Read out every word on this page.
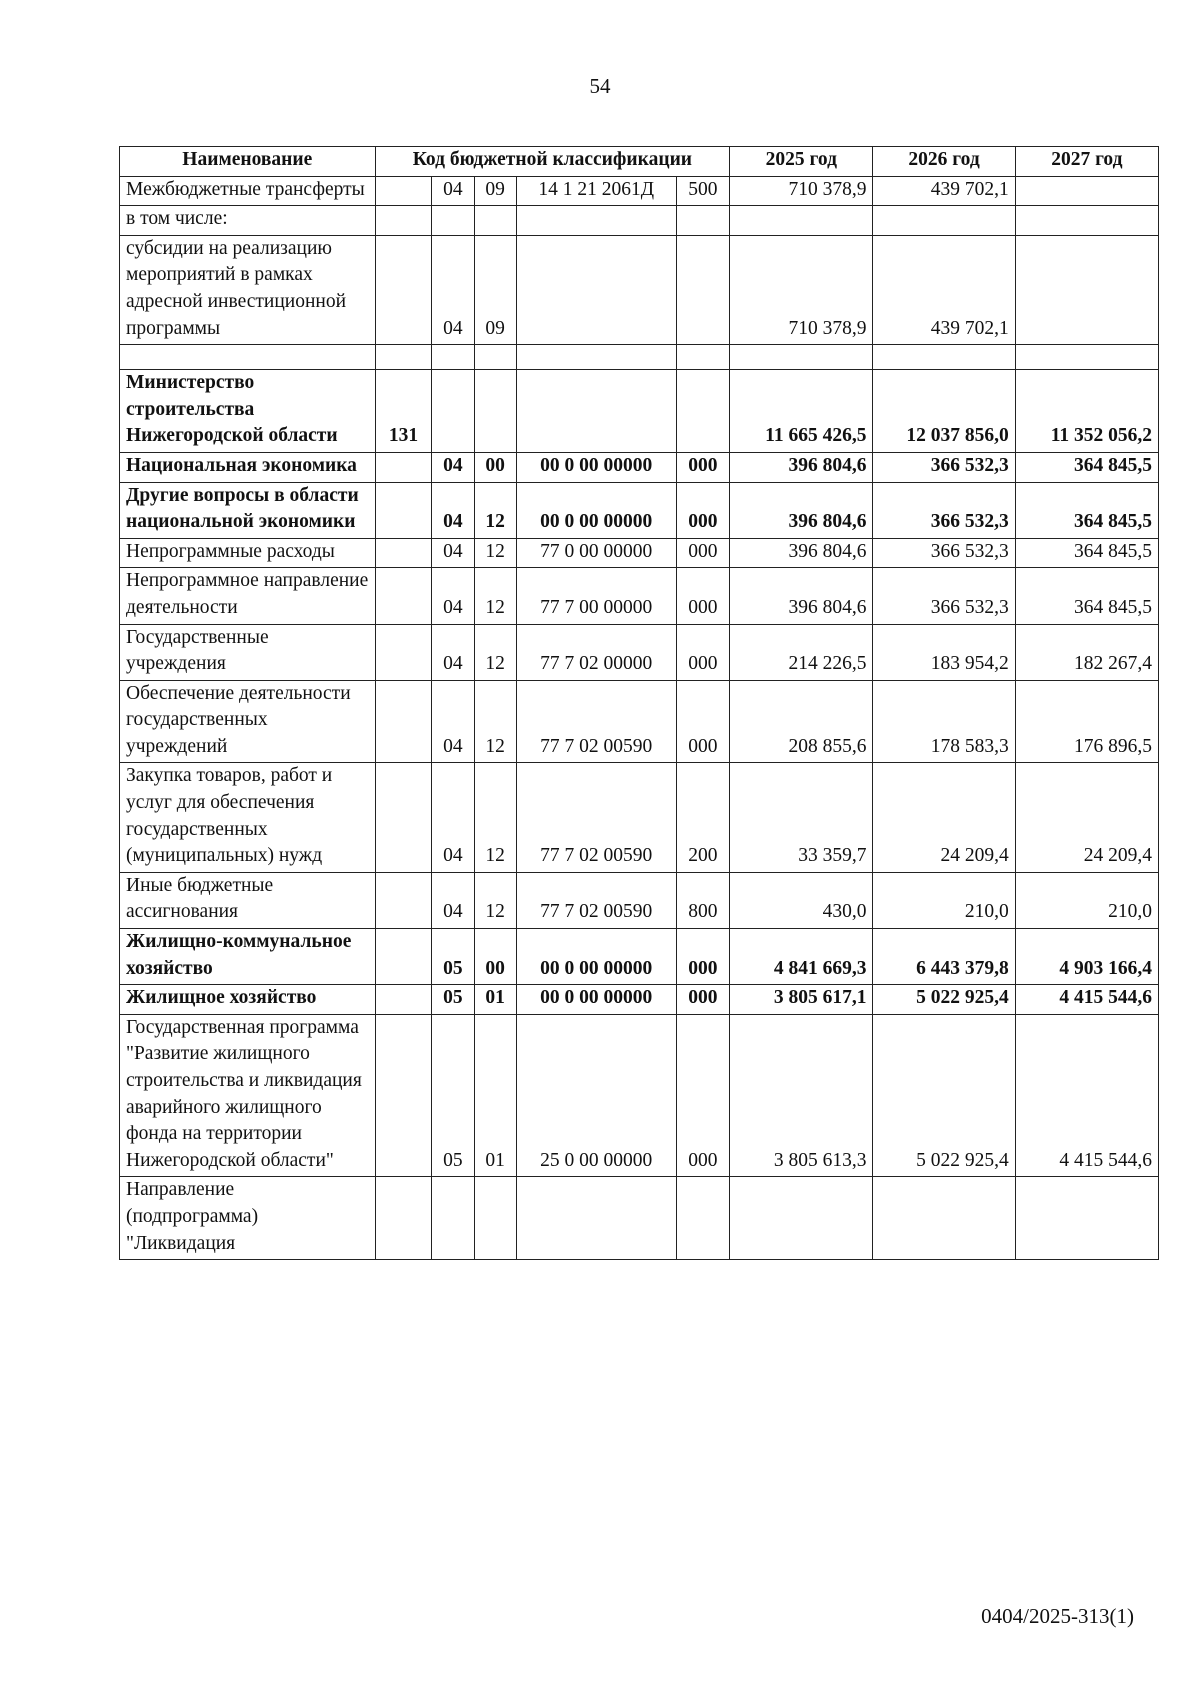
54
Наименование	Код бюджетной классификации					2025 год	2026 год	2027 год
Межбюджетные трансферты		04	09	14 1 21 2061Д	500	710 378,9	439 702,1	
в том числе:								
субсидии на реализацию мероприятий в рамках адресной инвестиционной программы		04	09			710 378,9	439 702,1	

Министерство строительства Нижегородской области	131					11 665 426,5	12 037 856,0	11 352 056,2
Национальная экономика		04	00	00 0 00 00000	000	396 804,6	366 532,3	364 845,5
Другие вопросы в области национальной экономики		04	12	00 0 00 00000	000	396 804,6	366 532,3	364 845,5
Непрограммные расходы		04	12	77 0 00 00000	000	396 804,6	366 532,3	364 845,5
Непрограммное направление деятельности		04	12	77 7 00 00000	000	396 804,6	366 532,3	364 845,5
Государственные учреждения		04	12	77 7 02 00000	000	214 226,5	183 954,2	182 267,4
Обеспечение деятельности государственных учреждений		04	12	77 7 02 00590	000	208 855,6	178 583,3	176 896,5
Закупка товаров, работ и услуг для обеспечения государственных (муниципальных) нужд		04	12	77 7 02 00590	200	33 359,7	24 209,4	24 209,4
Иные бюджетные ассигнования		04	12	77 7 02 00590	800	430,0	210,0	210,0
Жилищно-коммунальное хозяйство		05	00	00 0 00 00000	000	4 841 669,3	6 443 379,8	4 903 166,4
Жилищное хозяйство		05	01	00 0 00 00000	000	3 805 617,1	5 022 925,4	4 415 544,6
Государственная программа "Развитие жилищного строительства и ликвидация аварийного жилищного фонда на территории Нижегородской области"		05	01	25 0 00 00000	000	3 805 613,3	5 022 925,4	4 415 544,6
Направление (подпрограмма) "Ликвидация								
0404/2025-313(1)
